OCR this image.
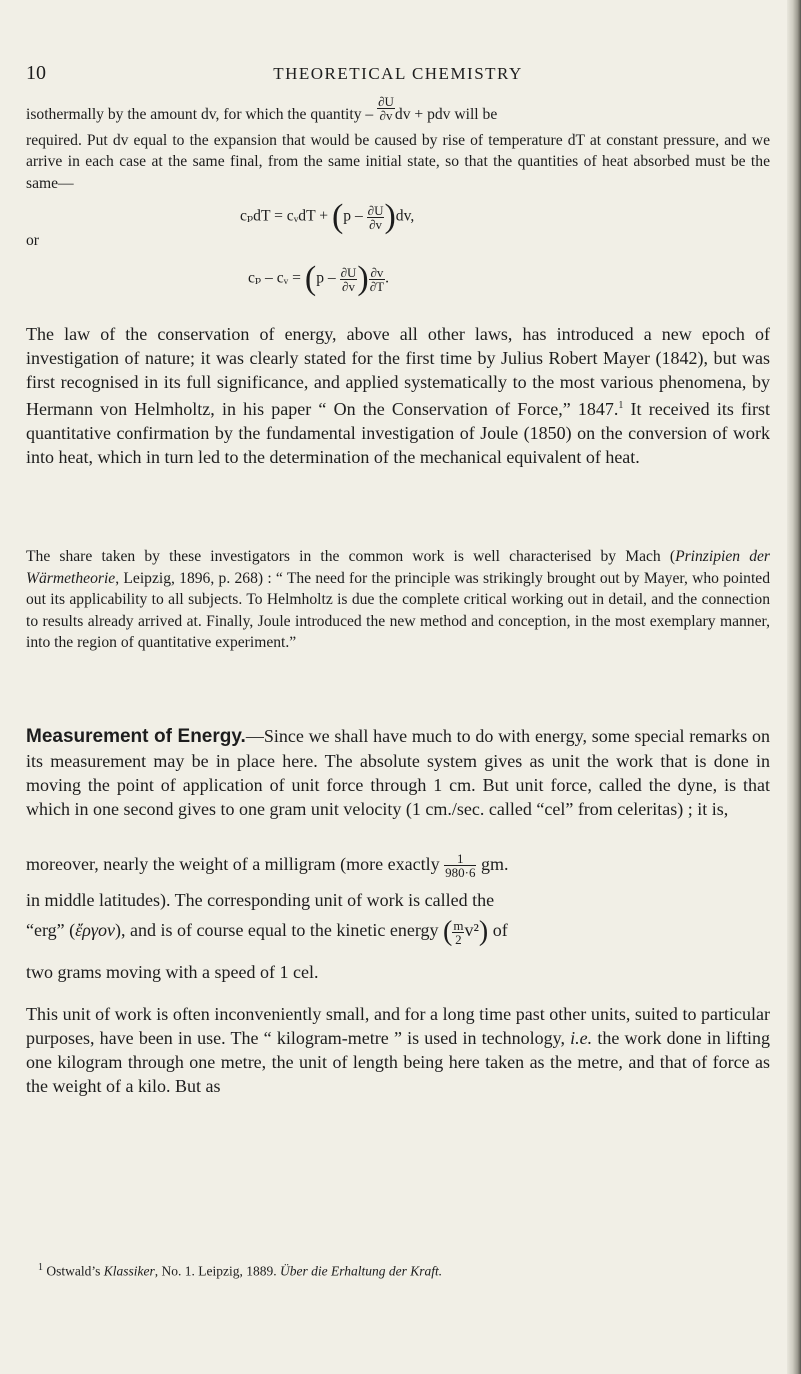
10	THEORETICAL CHEMISTRY
isothermally by the amount dv, for which the quantity – $\frac{\partial U}{\partial v}$ dv + pdv will be
required. Put dv equal to the expansion that would be caused by rise of temperature dT at constant pressure, and we arrive in each case at the same final, from the same initial state, so that the quantities of heat absorbed must be the same—
cₚdT = cᵥdT + $(p - \frac{\partial U}{\partial v} )dv$,
or
cₚ – cᵥ = ($p - \frac{\partial U}{\partial v}$ ) $\frac{\partial v}{\partial T}$ .
The law of the conservation of energy, above all other laws, has introduced a new epoch of investigation of nature; it was clearly stated for the first time by Julius Robert Mayer (1842), but was first recognised in its full significance, and applied systematically to the most various phenomena, by Hermann von Helmholtz, in his paper “ On the Conservation of Force,” 1847.$^1$ It received its first quantitative confirmation by the fundamental investigation of Joule (1850) on the conversion of work into heat, which in turn led to the determination of the mechanical equivalent of heat.
The share taken by these investigators in the common work is well characterised by Mach (Prinzipien der Wärmetheorie, Leipzig, 1896, p. 268) : “ The need for the principle was strikingly brought out by Mayer, who pointed out its applicability to all subjects. To Helmholtz is due the complete critical working out in detail, and the connection to results already arrived at. Finally, Joule introduced the new method and conception, in the most exemplary manner, into the region of quantitative experiment.”
Measurement of Energy.—Since we shall have much to do with energy, some special remarks on its measurement may be in place here. The absolute system gives as unit the work that is done in moving the point of application of unit force through 1 cm. But unit force, called the dyne, is that which in one second gives to one gram unit velocity (1 cm./sec. called “cel” from celeritas) ; it is,
moreover, nearly the weight of a milligram (more exactly $\frac{1}{980\cdot 6}$ gm.
in middle latitudes). The corresponding unit of work is called the
“erg” (ἔργον), and is of course equal to the kinetic energy ( $\frac{m}{2} v^2$) of
two grams moving with a speed of 1 cel.
This unit of work is often inconveniently small, and for a long time past other units, suited to particular purposes, have been in use. The “ kilogram-metre ” is used in technology, i.e. the work done in lifting one kilogram through one metre, the unit of length being here taken as the metre, and that of force as the weight of a kilo. But as
$^1$ Ostwald’s Klassiker, No. 1. Leipzig, 1889. Über die Erhaltung der Kraft.
